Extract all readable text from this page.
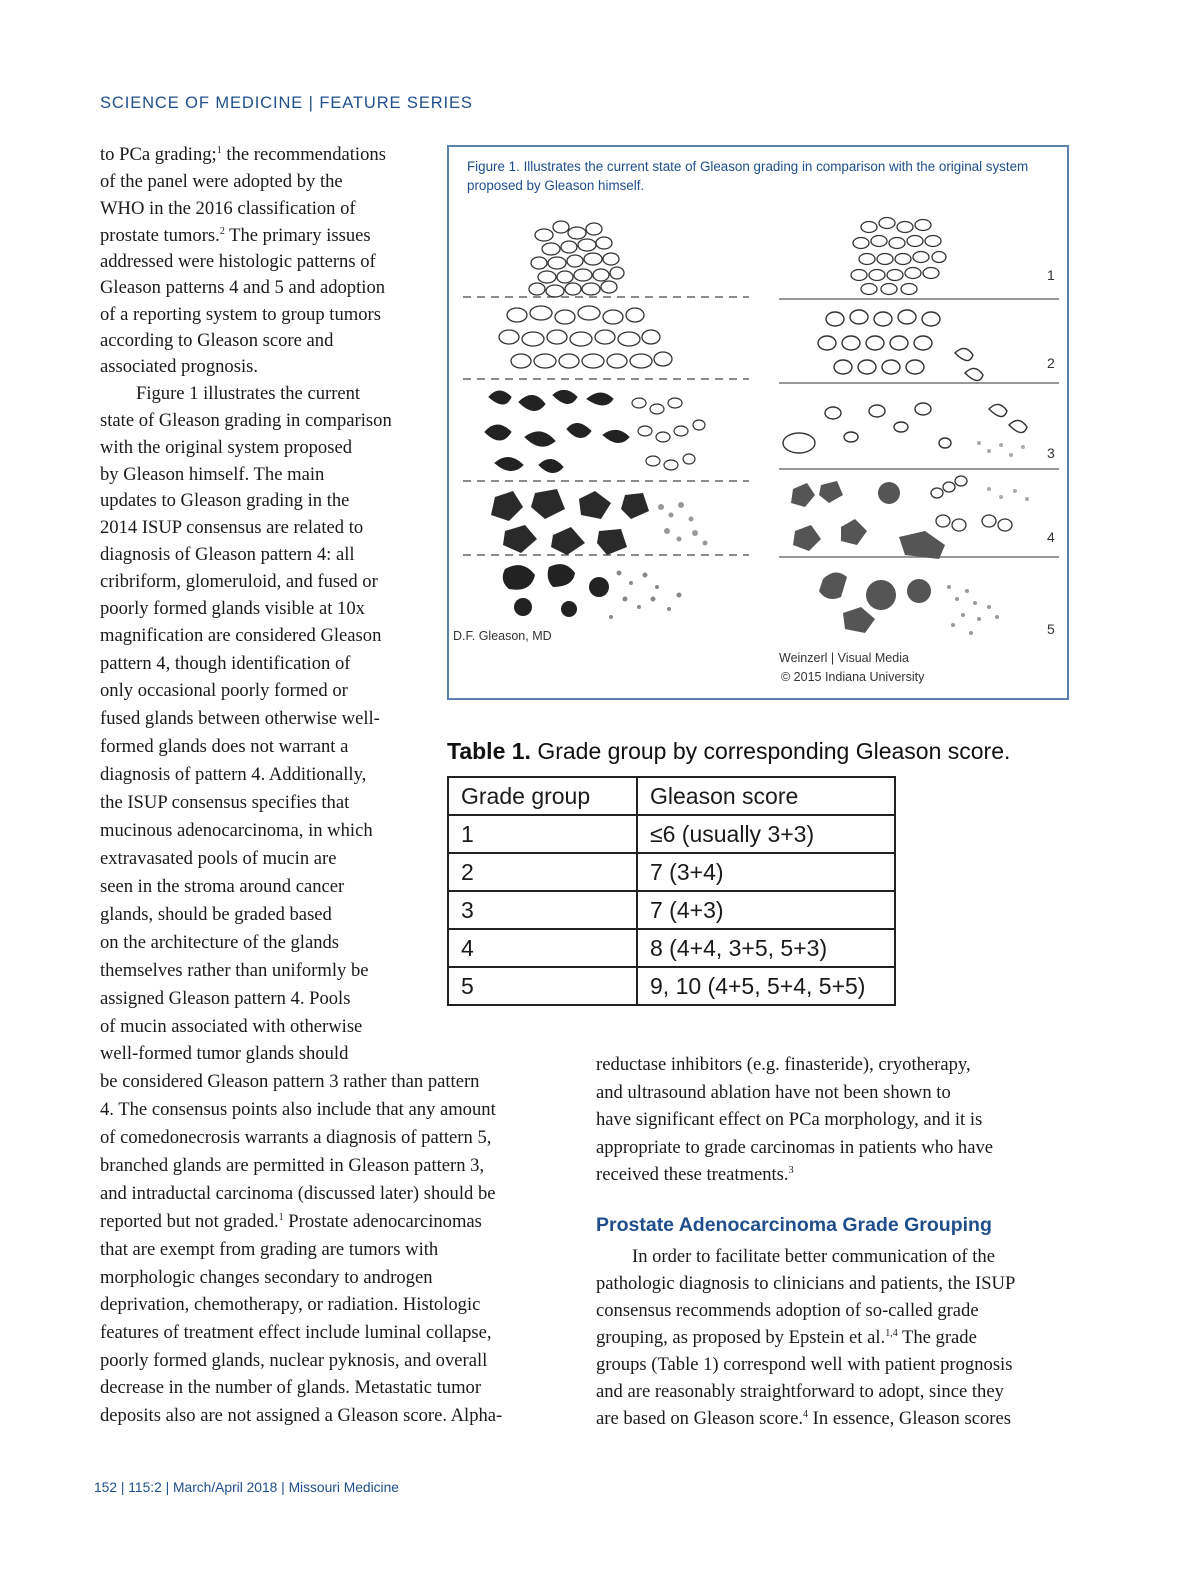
SCIENCE OF MEDICINE | FEATURE SERIES
to PCa grading;$^1$ the recommendations
of the panel were adopted by the
WHO in the 2016 classification of
prostate tumors.$^2$ The primary issues
addressed were histologic patterns of
Gleason patterns 4 and 5 and adoption
of a reporting system to group tumors
according to Gleason score and
associated prognosis.
Figure 1 illustrates the current
state of Gleason grading in comparison
with the original system proposed
by Gleason himself. The main
updates to Gleason grading in the
2014 ISUP consensus are related to
diagnosis of Gleason pattern 4: all
cribriform, glomeruloid, and fused or
poorly formed glands visible at 10x
magnification are considered Gleason
pattern 4, though identification of
only occasional poorly formed or
fused glands between otherwise well-
formed glands does not warrant a
diagnosis of pattern 4. Additionally,
the ISUP consensus specifies that
mucinous adenocarcinoma, in which
extravasated pools of mucin are
seen in the stroma around cancer
glands, should be graded based
on the architecture of the glands
themselves rather than uniformly be
assigned Gleason pattern 4. Pools
of mucin associated with otherwise
well-formed tumor glands should
be considered Gleason pattern 3 rather than pattern
4. The consensus points also include that any amount
of comedonecrosis warrants a diagnosis of pattern 5,
branched glands are permitted in Gleason pattern 3,
and intraductal carcinoma (discussed later) should be
reported but not graded.$^1$ Prostate adenocarcinomas
that are exempt from grading are tumors with
morphologic changes secondary to androgen
deprivation, chemotherapy, or radiation. Histologic
features of treatment effect include luminal collapse,
poorly formed glands, nuclear pyknosis, and overall
decrease in the number of glands. Metastatic tumor
deposits also are not assigned a Gleason score. Alpha-
Figure 1. Illustrates the current state of Gleason grading in comparison with the original system proposed by Gleason himself.
1
2
3
4
5
D.F. Gleason, MD
Weinzerl | Visual Media
© 2015 Indiana University
Table 1. Grade group by corresponding Gleason score.
Grade group	Gleason score
1	≤6 (usually 3+3)
2	7 (3+4)
3	7 (4+3)
4	8 (4+4, 3+5, 5+3)
5	9, 10 (4+5, 5+4, 5+5)
reductase inhibitors (e.g. finasteride), cryotherapy,
and ultrasound ablation have not been shown to
have significant effect on PCa morphology, and it is
appropriate to grade carcinomas in patients who have
received these treatments.$^3$
Prostate Adenocarcinoma Grade Grouping
In order to facilitate better communication of the
pathologic diagnosis to clinicians and patients, the ISUP
consensus recommends adoption of so-called grade
grouping, as proposed by Epstein et al.$^{1,4}$ The grade
groups (Table 1) correspond well with patient prognosis
and are reasonably straightforward to adopt, since they
are based on Gleason score.$^4$ In essence, Gleason scores
152 | 115:2 | March/April 2018 | Missouri Medicine
